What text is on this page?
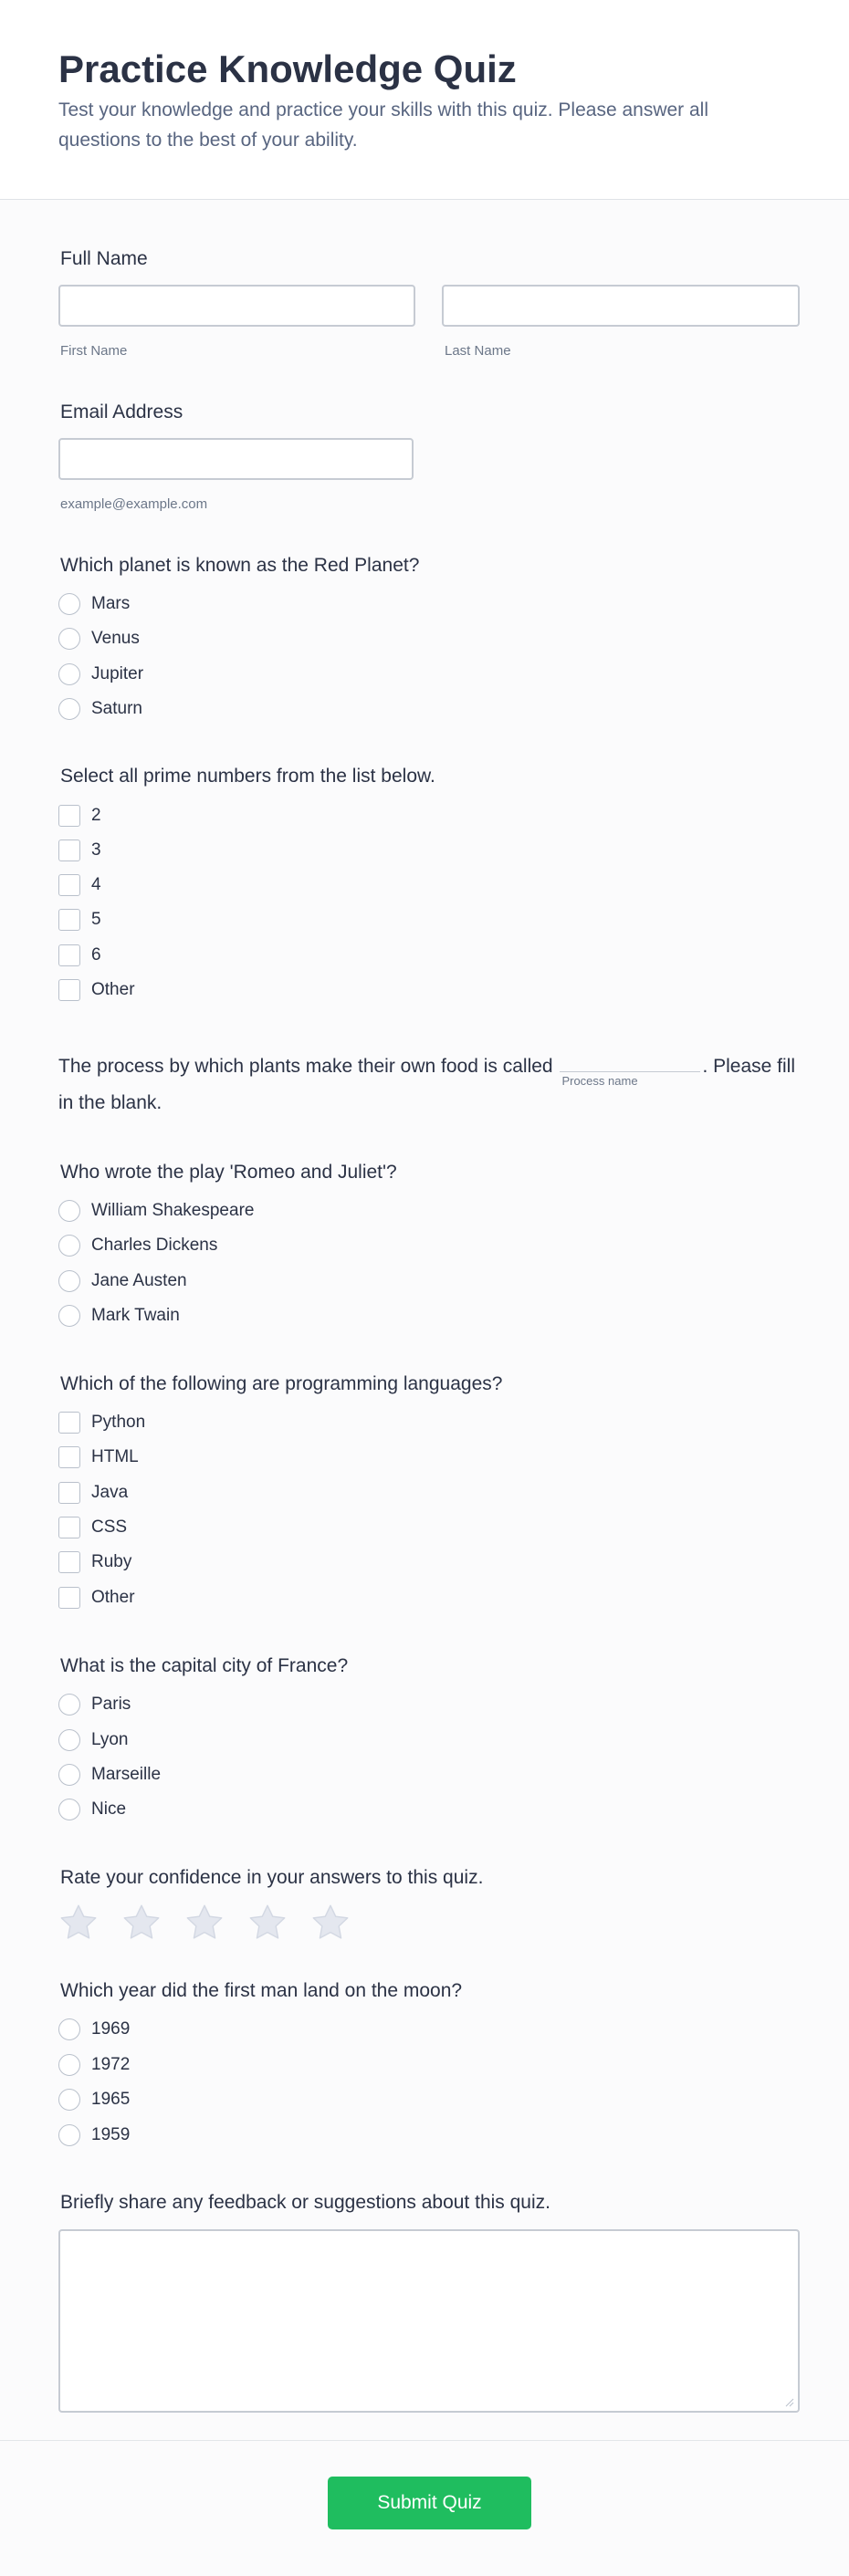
Practice Knowledge Quiz

Test your knowledge and practice your skills with this quiz. Please answer all questions to the best of your ability.

Full Name
First Name	Last Name
Email Address
example@example.com
Which planet is known as the Red Planet?
Mars
Venus
Jupiter
Saturn
Select all prime numbers from the list below.
2
3
4
5
6
Other

The process by which plants make their own food is called
Process name
. Please fill in the blank.

Who wrote the play 'Romeo and Juliet'?
William Shakespeare
Charles Dickens
Jane Austen
Mark Twain
Which of the following are programming languages?
Python
HTML
Java
CSS
Ruby
Other
What is the capital city of France?
Paris
Lyon
Marseille
Nice
Rate your confidence in your answers to this quiz.
Which year did the first man land on the moon?
1969
1972
1965
1959
Briefly share any feedback or suggestions about this quiz.
Submit Quiz
